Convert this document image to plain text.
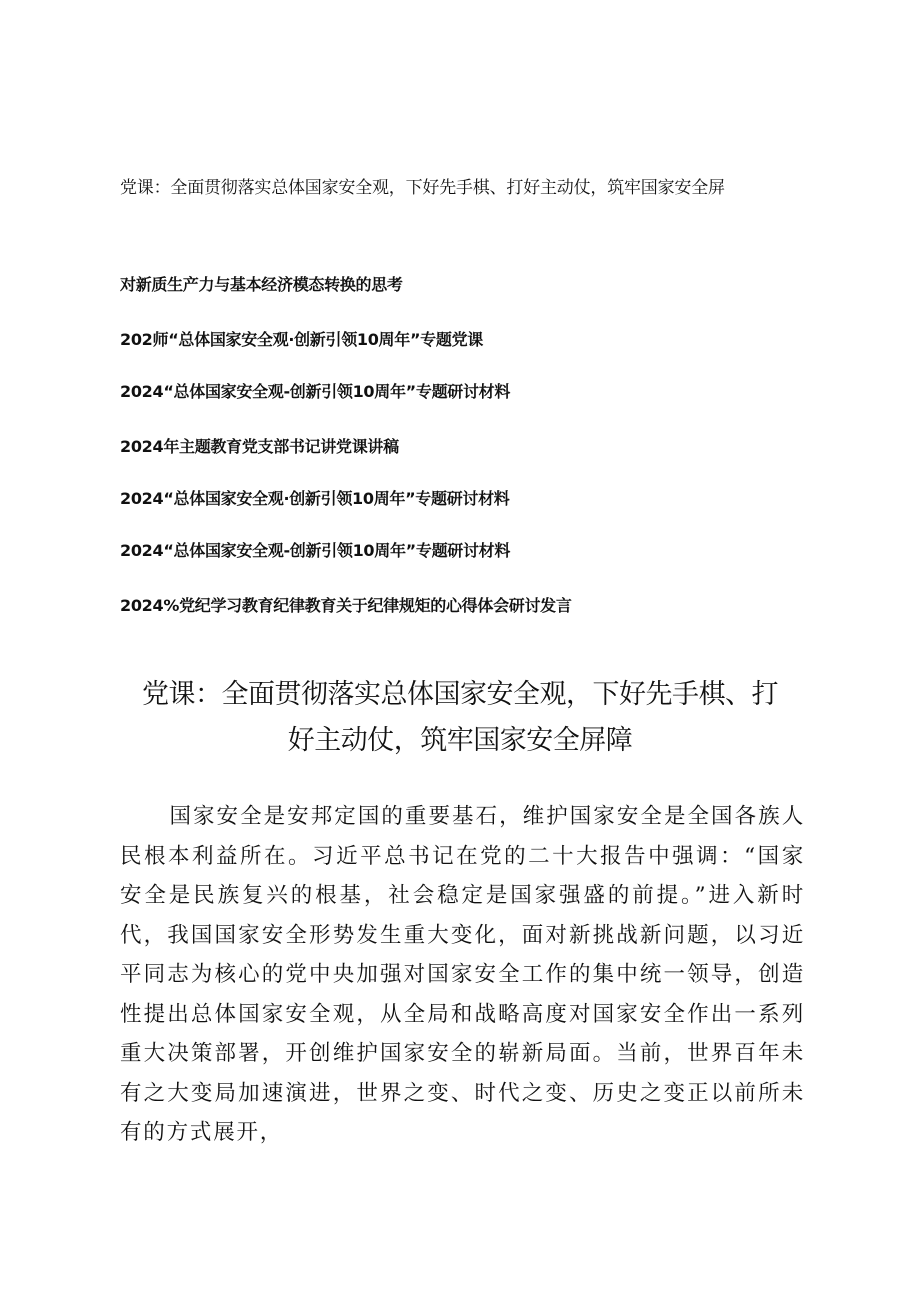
党课：全面贯彻落实总体国家安全观，下好先手棋、打好主动仗，筑牢国家安全屏
对新质生产力与基本经济模态转换的思考
202师“总体国家安全观·创新引领10周年”专题党课
2024“总体国家安全观-创新引领10周年”专题研讨材料
2024年主题教育党支部书记讲党课讲稿
2024“总体国家安全观·创新引领10周年”专题研讨材料
2024“总体国家安全观-创新引领10周年”专题研讨材料
2024%党纪学习教育纪律教育关于纪律规矩的心得体会研讨发言
党课：全面贯彻落实总体国家安全观，下好先手棋、打
好主动仗，筑牢国家安全屏障
国家安全是安邦定国的重要基石，维护国家安全是全国各族人民根本利益所在。习近平总书记在党的二十大报告中强调：“国家安全是民族复兴的根基，社会稳定是国家强盛的前提。”进入新时代，我国国家安全形势发生重大变化，面对新挑战新问题，以习近平同志为核心的党中央加强对国家安全工作的集中统一领导，创造性提出总体国家安全观，从全局和战略高度对国家安全作出一系列重大决策部署，开创维护国家安全的崭新局面。当前，世界百年未有之大变局加速演进，世界之变、时代之变、历史之变正以前所未有的方式展开，
